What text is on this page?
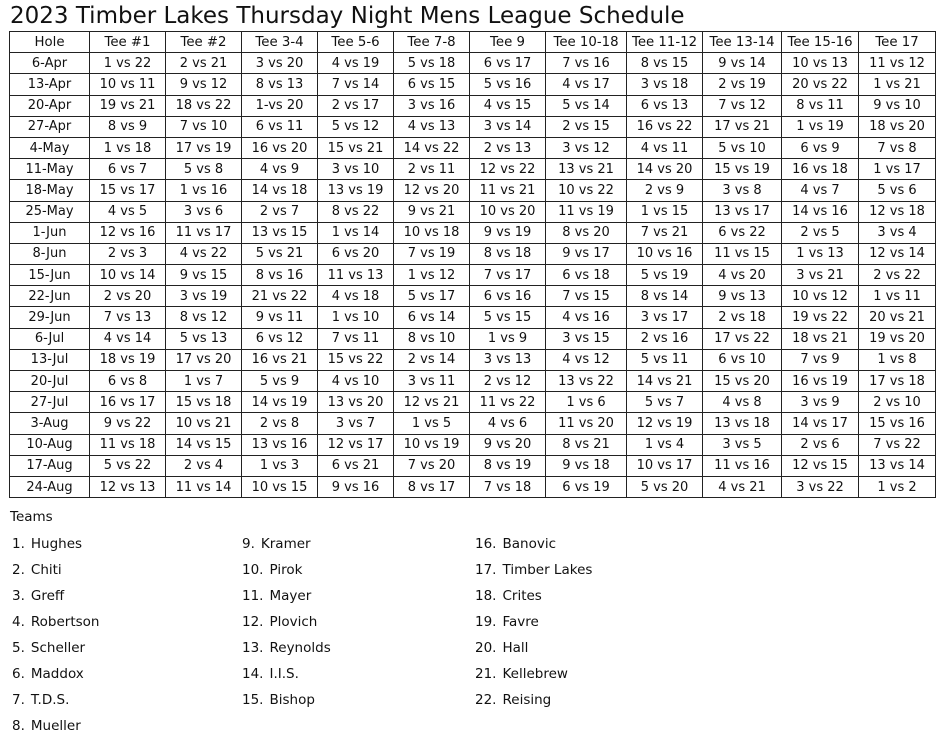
2023 Timber Lakes Thursday Night Mens League Schedule
Hole	Tee #1	Tee #2	Tee 3-4	Tee 5-6	Tee 7-8	Tee 9	Tee 10-18	Tee 11-12	Tee 13-14	Tee 15-16	Tee 17
6-Apr	1 vs 22	2 vs 21	3 vs 20	4 vs 19	5 vs 18	6 vs 17	7 vs 16	8 vs 15	9 vs 14	10 vs 13	11 vs 12
13-Apr	10 vs 11	9 vs 12	8 vs 13	7 vs 14	6 vs 15	5 vs 16	4 vs 17	3 vs 18	2 vs 19	20 vs 22	1 vs 21
20-Apr	19 vs 21	18 vs 22	1-vs 20	2 vs 17	3 vs 16	4 vs 15	5 vs 14	6 vs 13	7 vs 12	8 vs 11	9 vs 10
27-Apr	8 vs 9	7 vs 10	6 vs 11	5 vs 12	4 vs 13	3 vs 14	2 vs 15	16 vs 22	17 vs 21	1 vs 19	18 vs 20
4-May	1 vs 18	17 vs 19	16 vs 20	15 vs 21	14 vs 22	2 vs 13	3 vs 12	4 vs 11	5 vs 10	6 vs 9	7 vs 8
11-May	6 vs 7	5 vs 8	4 vs 9	3 vs 10	2 vs 11	12 vs 22	13 vs 21	14 vs 20	15 vs 19	16 vs 18	1 vs 17
18-May	15 vs 17	1 vs 16	14 vs 18	13 vs 19	12 vs 20	11 vs 21	10 vs 22	2 vs 9	3 vs 8	4 vs 7	5 vs 6
25-May	4 vs 5	3 vs 6	2 vs 7	8 vs 22	9 vs 21	10 vs 20	11 vs 19	1 vs 15	13 vs 17	14 vs 16	12 vs 18
1-Jun	12 vs 16	11 vs 17	13 vs 15	1 vs 14	10 vs 18	9 vs 19	8 vs 20	7 vs 21	6 vs 22	2 vs 5	3 vs 4
8-Jun	2 vs 3	4 vs 22	5 vs 21	6 vs 20	7 vs 19	8 vs 18	9 vs 17	10 vs 16	11 vs 15	1 vs 13	12 vs 14
15-Jun	10 vs 14	9 vs 15	8 vs 16	11 vs 13	1 vs 12	7 vs 17	6 vs 18	5 vs 19	4 vs 20	3 vs 21	2 vs 22
22-Jun	2 vs 20	3 vs 19	21 vs 22	4 vs 18	5 vs 17	6 vs 16	7 vs 15	8 vs 14	9 vs 13	10 vs 12	1 vs 11
29-Jun	7 vs 13	8 vs 12	9 vs 11	1 vs 10	6 vs 14	5 vs 15	4 vs 16	3 vs 17	2 vs 18	19 vs 22	20 vs 21
6-Jul	4 vs 14	5 vs 13	6 vs 12	7 vs 11	8 vs 10	1 vs 9	3 vs 15	2 vs 16	17 vs 22	18 vs 21	19 vs 20
13-Jul	18 vs 19	17 vs 20	16 vs 21	15 vs 22	2 vs 14	3 vs 13	4 vs 12	5 vs 11	6 vs 10	7 vs 9	1 vs 8
20-Jul	6 vs 8	1 vs 7	5 vs 9	4 vs 10	3 vs 11	2 vs 12	13 vs 22	14 vs 21	15 vs 20	16 vs 19	17 vs 18
27-Jul	16 vs 17	15 vs 18	14 vs 19	13 vs 20	12 vs 21	11 vs 22	1 vs 6	5 vs 7	4 vs 8	3 vs 9	2 vs 10
3-Aug	9 vs 22	10 vs 21	2 vs 8	3 vs 7	1 vs 5	4 vs 6	11 vs 20	12 vs 19	13 vs 18	14 vs 17	15 vs 16
10-Aug	11 vs 18	14 vs 15	13 vs 16	12 vs 17	10 vs 19	9 vs 20	8 vs 21	1 vs 4	3 vs 5	2 vs 6	7 vs 22
17-Aug	5 vs 22	2 vs 4	1 vs 3	6 vs 21	7 vs 20	8 vs 19	9 vs 18	10 vs 17	11 vs 16	12 vs 15	13 vs 14
24-Aug	12 vs 13	11 vs 14	10 vs 15	9 vs 16	8 vs 17	7 vs 18	6 vs 19	5 vs 20	4 vs 21	3 vs 22	1 vs 2
Teams
1. Hughes
2. Chiti
3. Greff
4. Robertson
5. Scheller
6. Maddox
7. T.D.S.
8. Mueller
9. Kramer
10. Pirok
11. Mayer
12. Plovich
13. Reynolds
14. I.I.S.
15. Bishop
16. Banovic
17. Timber Lakes
18. Crites
19. Favre
20. Hall
21. Kellebrew
22. Reising
